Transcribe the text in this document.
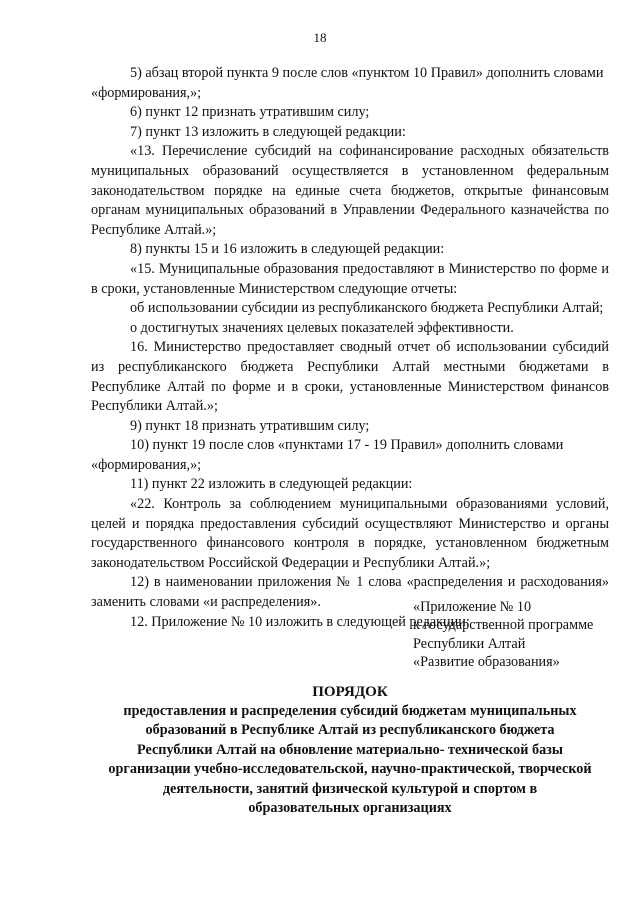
18

5) абзац второй пункта 9 после слов «пунктом 10 Правил» дополнить словами «формирования,»;

6) пункт 12 признать утратившим силу;

7) пункт 13 изложить в следующей редакции:

«13. Перечисление субсидий на софинансирование расходных обязательств муниципальных образований осуществляется в установленном федеральным законодательством порядке на единые счета бюджетов, открытые финансовым органам муниципальных образований в Управлении Федерального казначейства по Республике Алтай.»;

8) пункты 15 и 16 изложить в следующей редакции:

«15. Муниципальные образования предоставляют в Министерство по форме и в сроки, установленные Министерством следующие отчеты:

об использовании субсидии из республиканского бюджета Республики Алтай;

о достигнутых значениях целевых показателей эффективности.

16. Министерство предоставляет сводный отчет об использовании субсидий из республиканского бюджета Республики Алтай местными бюджетами в Республике Алтай по форме и в сроки, установленные Министерством финансов Республики Алтай.»;

9) пункт 18 признать утратившим силу;

10) пункт 19 после слов «пунктами 17 - 19 Правил» дополнить словами «формирования,»;

11) пункт 22 изложить в следующей редакции:

«22. Контроль за соблюдением муниципальными образованиями условий, целей и порядка предоставления субсидий осуществляют Министерство и органы государственного финансового контроля в порядке, установленном бюджетным законодательством Российской Федерации и Республики Алтай.»;

12) в наименовании приложения № 1 слова «распределения и расходования» заменить словами «и распределения».

12. Приложение № 10 изложить в следующей редакции:

«Приложение № 10
к государственной программе
Республики Алтай
«Развитие образования»
ПОРЯДОК
предоставления и распределения субсидий бюджетам муниципальных
образований в Республике Алтай из республиканского бюджета
Республики Алтай на обновление материально- технической базы
организации учебно-исследовательской, научно-практической, творческой
деятельности, занятий физической культурой и спортом в
образовательных организациях
